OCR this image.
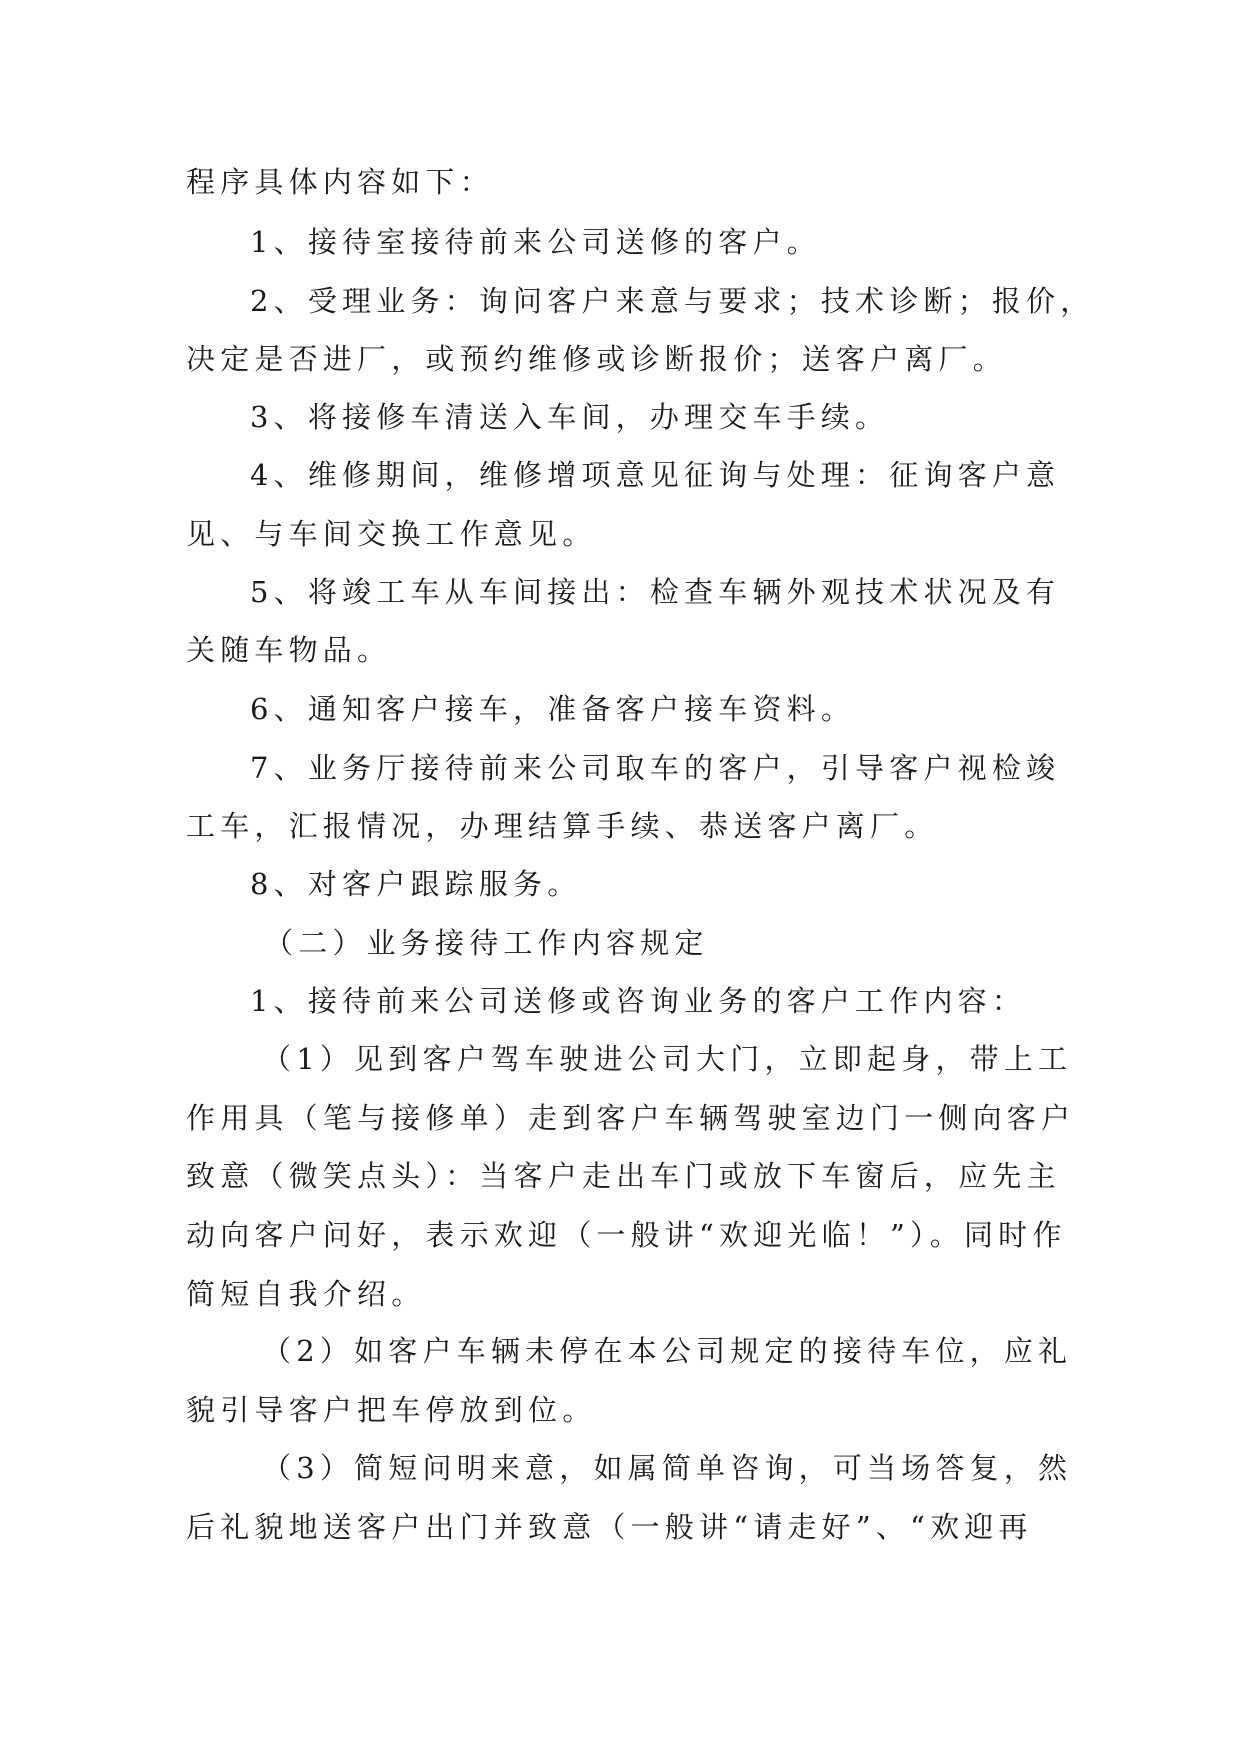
程序具体内容如下：
1、接待室接待前来公司送修的客户。
2、受理业务：询问客户来意与要求；技术诊断；报价，
决定是否进厂，或预约维修或诊断报价；送客户离厂。
3、将接修车清送入车间，办理交车手续。
4、维修期间，维修增项意见征询与处理：征询客户意
见、与车间交换工作意见。
5、将竣工车从车间接出：检查车辆外观技术状况及有
关随车物品。
6、通知客户接车，准备客户接车资料。
7、业务厅接待前来公司取车的客户，引导客户视检竣
工车，汇报情况，办理结算手续、恭送客户离厂。
8、对客户跟踪服务。
（二）业务接待工作内容规定
1、接待前来公司送修或咨询业务的客户工作内容：
（1）见到客户驾车驶进公司大门，立即起身，带上工
作用具（笔与接修单）走到客户车辆驾驶室边门一侧向客户
致意（微笑点头）：当客户走出车门或放下车窗后，应先主
动向客户问好，表示欢迎（一般讲“欢迎光临！”）。同时作
简短自我介绍。
（2）如客户车辆未停在本公司规定的接待车位，应礼
貌引导客户把车停放到位。
（3）简短问明来意，如属简单咨询，可当场答复，然
后礼貌地送客户出门并致意（一般讲“请走好”、“欢迎再
